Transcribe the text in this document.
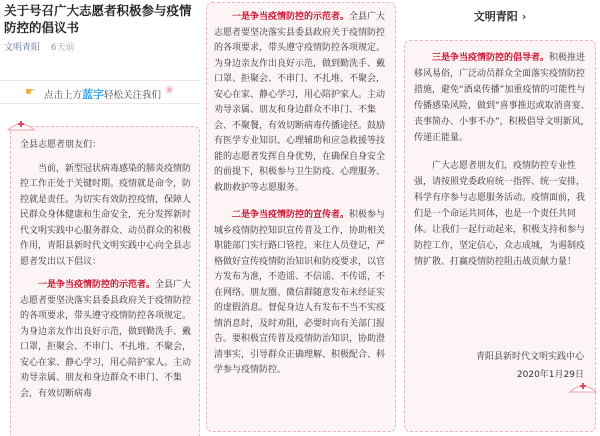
关于号召广大志愿者积极参与疫情防控的倡议书
文明青阳 6天前
☛ 点击上方蓝字轻松关注我们 ❀

全县志愿者朋友们：

当前，新型冠状病毒感染的肺炎疫情防控工作正处于关键时期。疫情就是命令，防控就是责任。为切实有效防控疫情，保障人民群众身体健康和生命安全，充分发挥新时代文明实践中心服务群众、动员群众的积极作用，青阳县新时代文明实践中心向全县志愿者发出以下倡议：

一是争当疫情防控的示范者。全县广大志愿者要坚决落实县委县政府关于疫情防控的各项要求，带头遵守疫情防控各项规定。为身边亲友作出良好示范，做到勤洗手、戴口罩，拒聚会、不串门、不扎堆、不聚会，安心在家、静心学习，用心陪护家人。主动劝导亲属、朋友和身边群众不串门、不集会，有效切断病毒

一是争当疫情防控的示范者。全县广大志愿者要坚决落实县委县政府关于疫情防控的各项要求，带头遵守疫情防控各项规定。为身边亲友作出良好示范，做到勤洗手、戴口罩、拒聚会、不串门、不扎堆、不聚会，安心在家、静心学习，用心陪护家人。主动劝导亲属、朋友和身边群众不串门、不集会、不聚餐，有效切断病毒传播途径。鼓励有医学专业知识、心理辅助和应急救援等技能的志愿者发挥自身优势，在确保自身安全的前提下，积极参与卫生防疫、心理服务、救助救护等志愿服务。

二是争当疫情防控的宣传者。积极参与城乡疫情防控知识宣传普及工作，协助相关职能部门实行路口管控，来往人员登记，严格做好宣传疫情防治知识和防疫要求，以官方发布为准，不造谣、不信谣、不传谣，不在网络、朋友圈、微信群随意发布未经证实的虚假消息。督促身边人有发布不当不实疫情消息时，及时劝阻，必要时向有关部门报告。要积极宣传普及疫情防治知识，协助澄清事实，引导群众正确理解、积极配合、科学参与疫情防控。

文明青阳 ›

三是争当疫情防控的倡导者。积极推进移风易俗，广泛动员群众全面落实疫情防控措施，避免“酒桌传播”加重疫情的可能性与传播感染风险，做到“喜事推迟或取消喜宴、丧事简办、小事不办”，积极倡导文明新风，传递正能量。

广大志愿者朋友们，疫情防控专业性强，请按照党委政府统一指挥、统一安排，科学有序参与志愿服务活动。疫情面前，我们是一个命运共同体，也是一个责任共同体。让我们一起行动起来，积极支持和参与防控工作，坚定信心，众志成城，为遏制疫情扩散、打赢疫情防控阻击战贡献力量！

青阳县新时代文明实践中心
2020年1月29日
